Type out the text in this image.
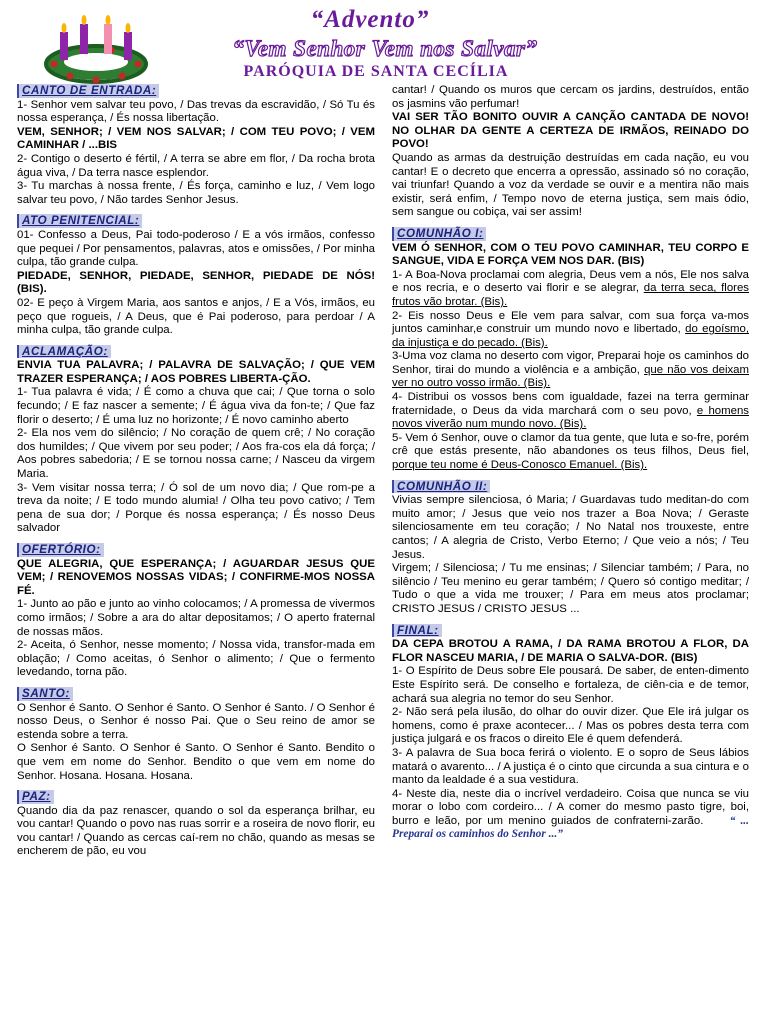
“Advento”
“Vem Senhor Vem nos Salvar”
PARÓQUIA DE SANTA CECÍLIA
CANTO DE ENTRADA:

1- Senhor vem salvar teu povo, / Das trevas da escravidão, / Só Tu és nossa esperança, / És nossa libertação.

VEM, SENHOR; / VEM NOS SALVAR; / COM TEU POVO; / VEM CAMINHAR / ...BIS

2- Contigo o deserto é fértil, / A terra se abre em flor, / Da rocha brota água viva, / Da terra nasce esplendor.

3- Tu marchas à nossa frente, / És força, caminho e luz, / Vem logo salvar teu povo, / Não tardes Senhor Jesus.

ATO PENITENCIAL:

01- Confesso a Deus, Pai todo-poderoso / E a vós irmãos, confesso que pequei / Por pensamentos, palavras, atos e omissões, / Por minha culpa, tão grande culpa.

PIEDADE, SENHOR, PIEDADE, SENHOR, PIEDADE DE NÓS! (BIS).

02- E peço à Virgem Maria, aos santos e anjos, / E a Vós, irmãos, eu peço que rogueis, / A Deus, que é Pai poderoso, para perdoar / A minha culpa, tão grande culpa.

ACLAMAÇÃO:

ENVIA TUA PALAVRA; / PALAVRA DE SALVAÇÃO; / QUE VEM TRAZER ESPERANÇA; / AOS POBRES LIBERTA-ÇÃO.

1- Tua palavra é vida; / É como a chuva que cai; / Que torna o solo fecundo; / E faz nascer a semente; / É água viva da fon-te; / Que faz florir o deserto; / É uma luz no horizonte; / É novo caminho aberto

2- Ela nos vem do silêncio; / No coração de quem crê; / No coração dos humildes; / Que vivem por seu poder; / Aos fra-cos ela dá força; / Aos pobres sabedoria; / E se tornou nossa carne; / Nasceu da virgem Maria.

3- Vem visitar nossa terra; / Ó sol de um novo dia; / Que rom-pe a treva da noite; / E todo mundo alumia! / Olha teu povo cativo; / Tem pena de sua dor; / Porque és nossa esperança; / És nosso Deus salvador

OFERTÓRIO:

QUE ALEGRIA, QUE ESPERANÇA; / AGUARDAR JESUS QUE VEM; / RENOVEMOS NOSSAS VIDAS; / CONFIRME-MOS NOSSA FÉ.

1- Junto ao pão e junto ao vinho colocamos; / A promessa de vivermos como irmãos; / Sobre a ara do altar depositamos; / O aperto fraternal de nossas mãos.

2- Aceita, ó Senhor, nesse momento; / Nossa vida, transfor-mada em oblação; / Como aceitas, ó Senhor o alimento; / Que o fermento levedando, torna pão.

SANTO:

O Senhor é Santo. O Senhor é Santo. O Senhor é Santo. / O Senhor é nosso Deus, o Senhor é nosso Pai. Que o Seu reino de amor se estenda sobre a terra.

O Senhor é Santo. O Senhor é Santo. O Senhor é Santo. Bendito o que vem em nome do Senhor. Bendito o que vem em nome do Senhor. Hosana. Hosana. Hosana.

PAZ:

Quando dia da paz renascer, quando o sol da esperança brilhar, eu vou cantar! Quando o povo nas ruas sorrir e a roseira de novo florir, eu vou cantar! / Quando as cercas caí-rem no chão, quando as mesas se encherem de pão, eu vou

cantar! / Quando os muros que cercam os jardins, destruídos, então os jasmins vão perfumar!

VAI SER TÃO BONITO OUVIR A CANÇÃO CANTADA DE NOVO! NO OLHAR DA GENTE A CERTEZA DE IRMÃOS, REINADO DO POVO!

Quando as armas da destruição destruídas em cada nação, eu vou cantar! E o decreto que encerra a opressão, assinado só no coração, vai triunfar! Quando a voz da verdade se ouvir e a mentira não mais existir, será enfim, / Tempo novo de eterna justiça, sem mais ódio, sem sangue ou cobiça, vai ser assim!

COMUNHÃO I:

VEM Ó SENHOR, COM O TEU POVO CAMINHAR, TEU CORPO E SANGUE, VIDA E FORÇA VEM NOS DAR. (BIS)

1- A Boa-Nova proclamai com alegria, Deus vem a nós, Ele nos salva e nos recria, e o deserto vai florir e se alegrar, da terra seca, flores frutos vão brotar. (Bis).

2- Eis nosso Deus e Ele vem para salvar, com sua força va-mos juntos caminhar,e construir um mundo novo e libertado, do egoísmo, da injustiça e do pecado. (Bis).

3-Uma voz clama no deserto com vigor, Preparai hoje os caminhos do Senhor, tirai do mundo a violência e a ambição, que não vos deixam ver no outro vosso irmão. (Bis).

4- Distribui os vossos bens com igualdade, fazei na terra germinar fraternidade, o Deus da vida marchará com o seu povo, e homens novos viverão num mundo novo. (Bis).

5- Vem ó Senhor, ouve o clamor da tua gente, que luta e so-fre, porém crê que estás presente, não abandones os teus filhos, Deus fiel, porque teu nome é Deus-Conosco Emanuel. (Bis).

COMUNHÃO II:

Vivias sempre silenciosa, ó Maria; / Guardavas tudo meditan-do com muito amor; / Jesus que veio nos trazer a Boa Nova; / Geraste silenciosamente em teu coração; / No Natal nos trouxeste, entre cantos; / A alegria de Cristo, Verbo Eterno; / Que veio a nós; / Teu Jesus.

Virgem; / Silenciosa; / Tu me ensinas; / Silenciar também; / Para, no silêncio / Teu menino eu gerar também; / Quero só contigo meditar; / Tudo o que a vida me trouxer; / Para em meus atos proclamar; CRISTO JESUS / CRISTO JESUS ...

FINAL:

DA CEPA BROTOU A RAMA, / DA RAMA BROTOU A FLOR, DA FLOR NASCEU MARIA, / DE MARIA O SALVA-DOR. (BIS)

1- O Espírito de Deus sobre Ele pousará. De saber, de enten-dimento Este Espírito será. De conselho e fortaleza, de ciên-cia e de temor, achará sua alegria no temor do seu Senhor.

2- Não será pela ilusão, do olhar do ouvir dizer. Que Ele irá julgar os homens, como é praxe acontecer... / Mas os pobres desta terra com justiça julgará e os fracos o direito Ele é quem defenderá.

3- A palavra de Sua boca ferirá o violento. E o sopro de Seus lábios matará o avarento... / A justiça é o cinto que circunda a sua cintura e o manto da lealdade é a sua vestidura.

4- Neste dia, neste dia o incrível verdadeiro. Coisa que nunca se viu morar o lobo com cordeiro... / A comer do mesmo pasto tigre, boi, burro e leão, por um menino guiados de confraterni-zarão. “ ... Preparai os caminhos do Senhor ...”
